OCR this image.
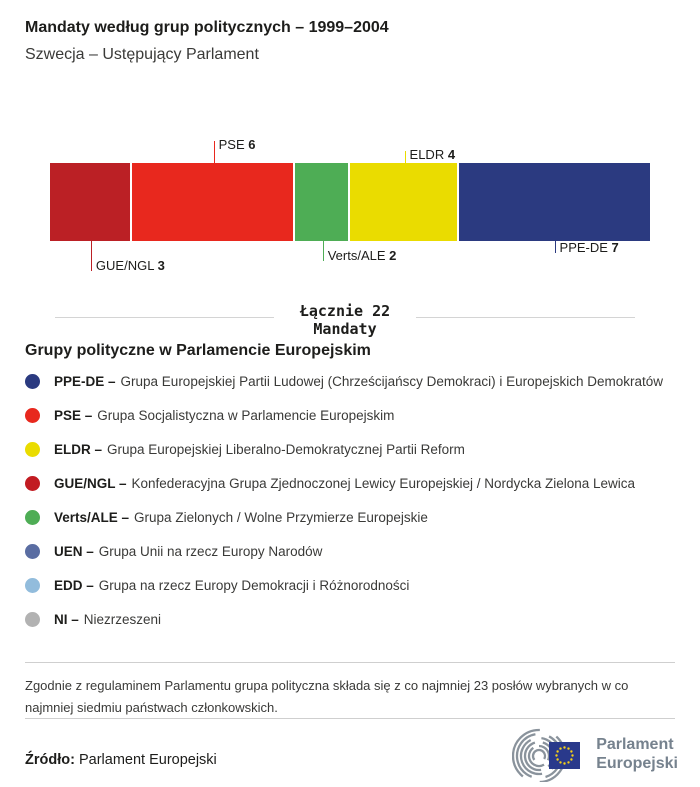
Mandaty według grup politycznych – 1999–2004
Szwecja – Ustępujący Parlament
GUE/NGL 3
PSE 6
Verts/ALE 2
ELDR 4
PPE-DE 7
Łącznie 22
Mandaty
Grupy polityczne w Parlamencie Europejskim
PPE-DE – Grupa Europejskiej Partii Ludowej (Chrześcijańscy Demokraci) i Europejskich Demokratów
PSE – Grupa Socjalistyczna w Parlamencie Europejskim
ELDR – Grupa Europejskiej Liberalno-Demokratycznej Partii Reform
GUE/NGL – Konfederacyjna Grupa Zjednoczonej Lewicy Europejskiej / Nordycka Zielona Lewica
Verts/ALE – Grupa Zielonych / Wolne Przymierze Europejskie
UEN – Grupa Unii na rzecz Europy Narodów
EDD – Grupa na rzecz Europy Demokracji i Różnorodności
NI – Niezrzeszeni
Zgodnie z regulaminem Parlamentu grupa polityczna składa się z co najmniej 23 posłów wybranych w co najmniej siedmiu państwach członkowskich.
Źródło: Parlament Europejski
Parlament
Europejski
